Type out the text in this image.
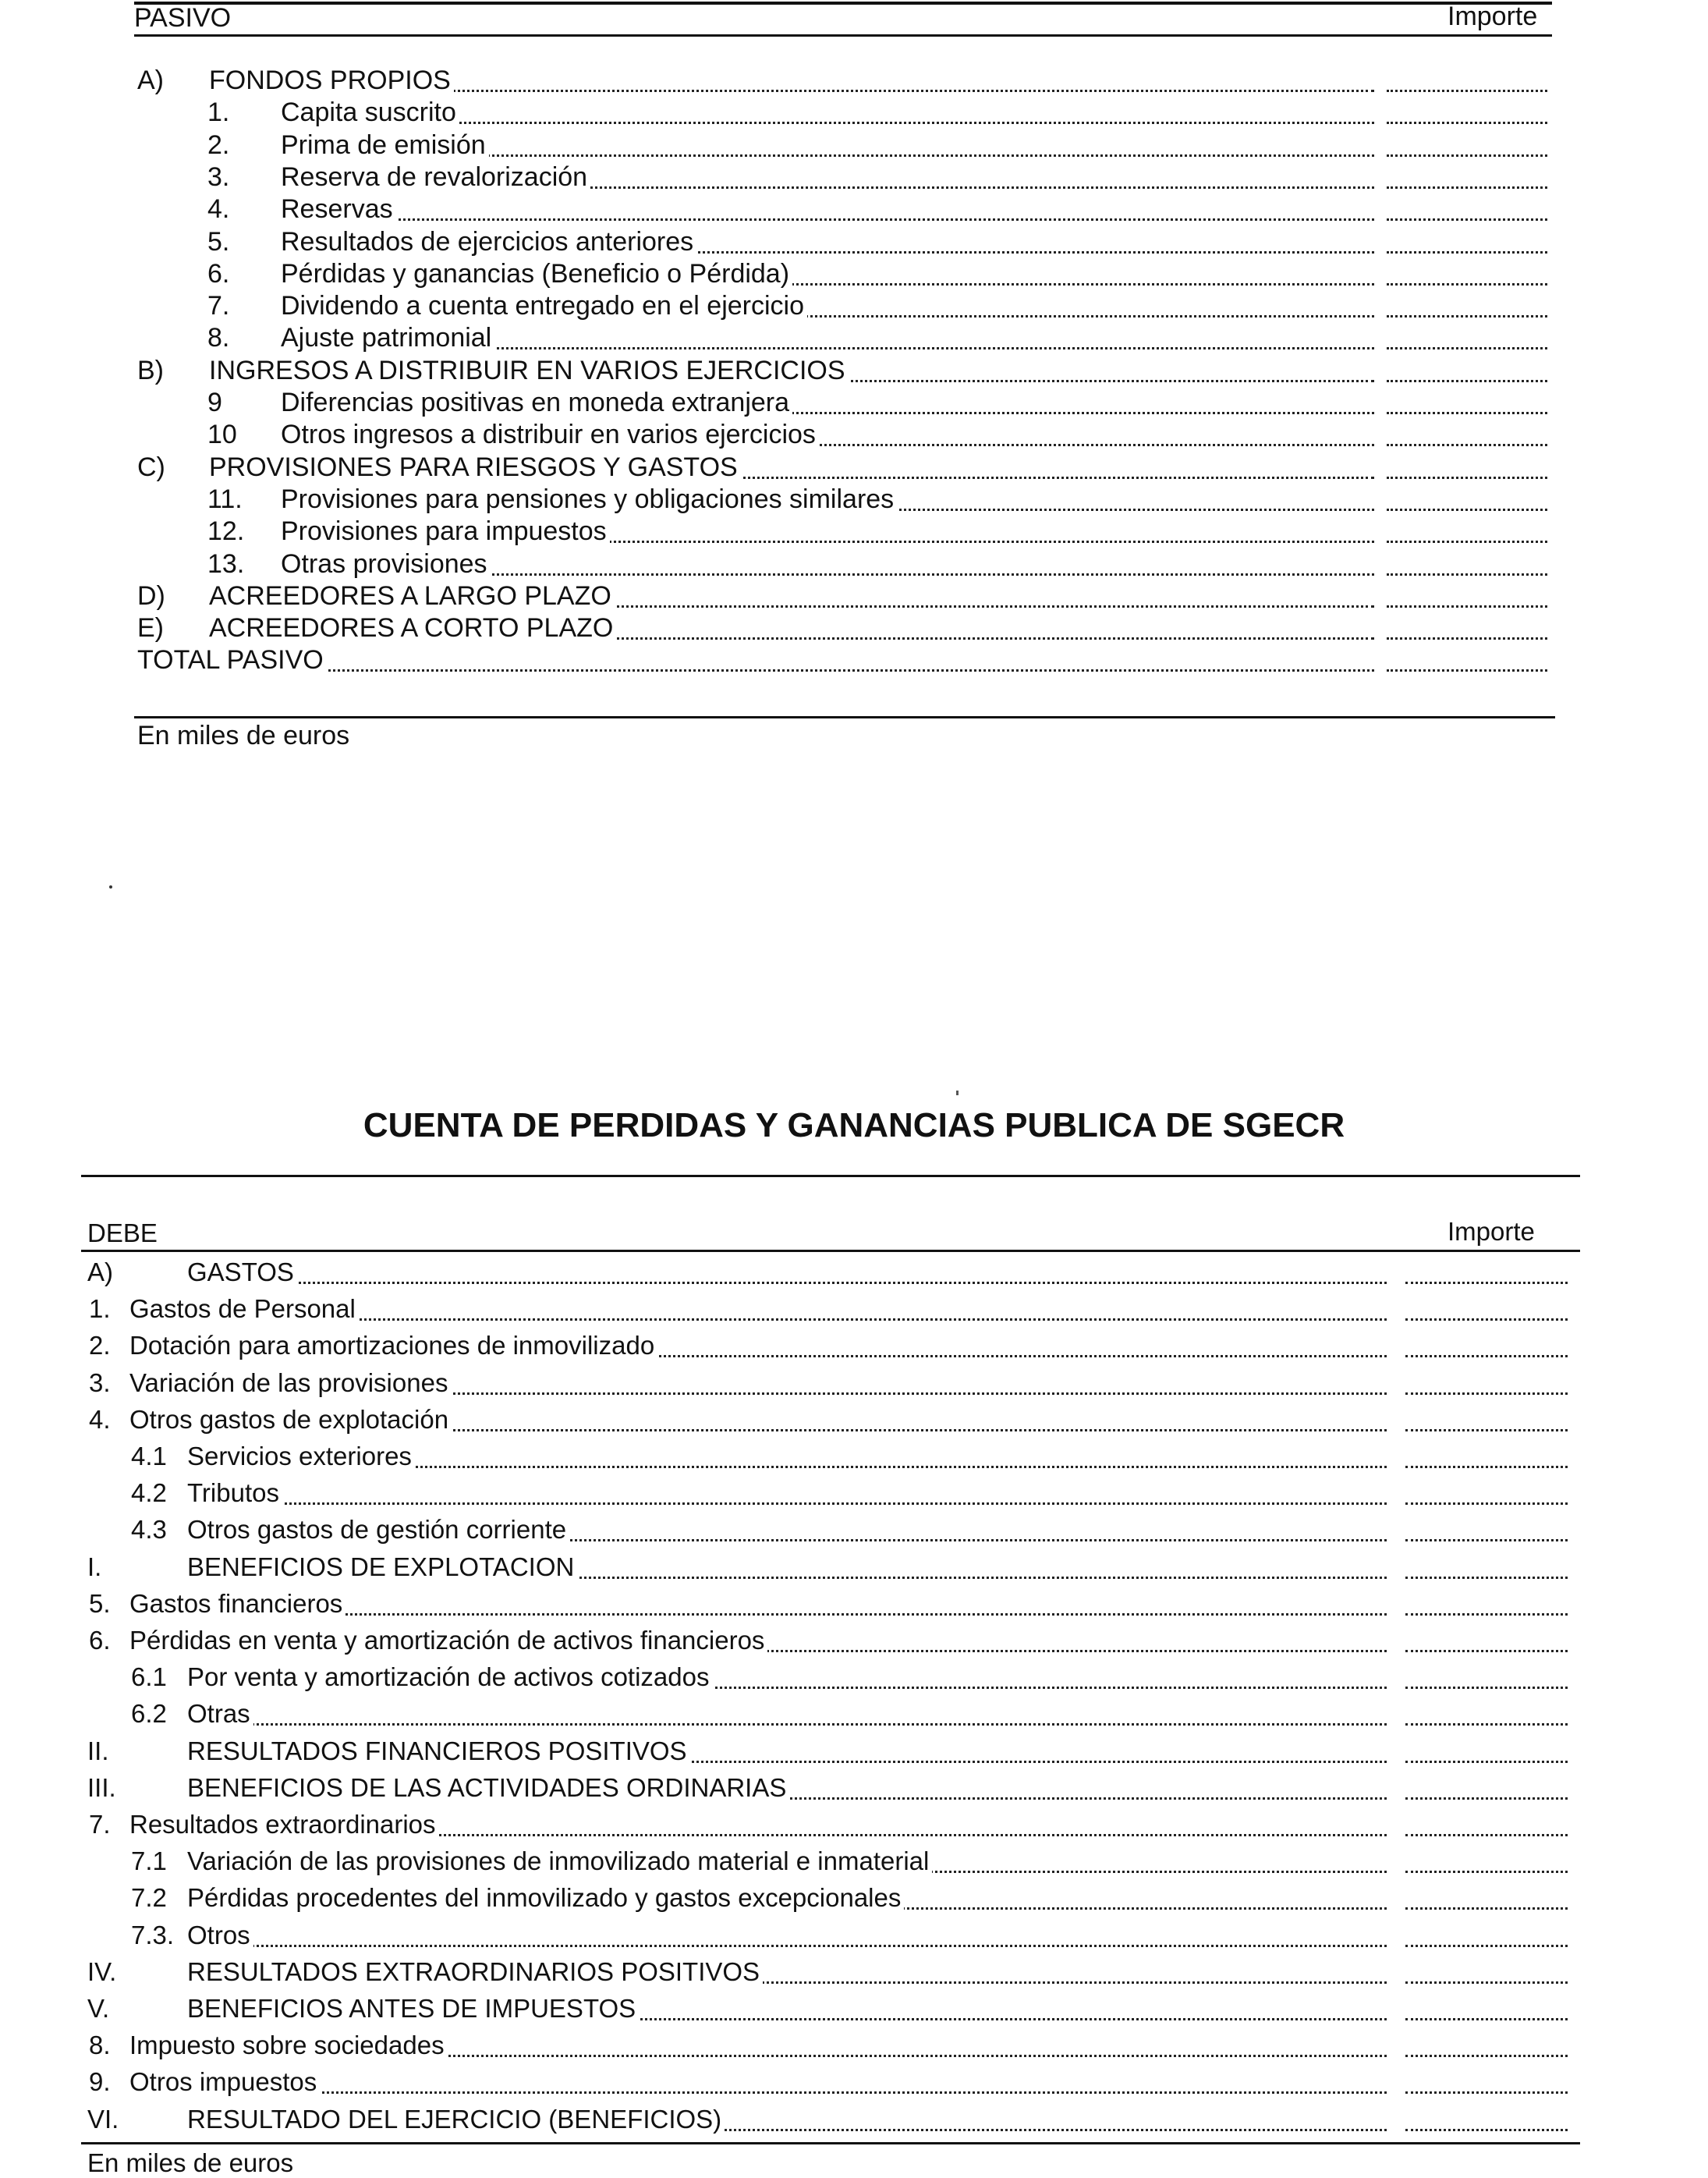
PASIVO	Importe
A) FONDOS PROPIOS
1. Capita suscrito
2. Prima de emisión
3. Reserva de revalorización
4. Reservas
5. Resultados de ejercicios anteriores
6. Pérdidas y ganancias (Beneficio o Pérdida)
7. Dividendo a cuenta entregado en el ejercicio
8. Ajuste patrimonial
B) INGRESOS A DISTRIBUIR EN VARIOS EJERCICIOS
9 Diferencias positivas en moneda extranjera
10 Otros ingresos a distribuir en varios ejercicios
C) PROVISIONES PARA RIESGOS Y GASTOS
11. Provisiones para pensiones y obligaciones similares
12. Provisiones para impuestos
13. Otras provisiones
D) ACREEDORES A LARGO PLAZO
E) ACREEDORES A CORTO PLAZO
TOTAL PASIVO
En miles de euros
CUENTA DE PERDIDAS Y GANANCIAS PUBLICA DE SGECR
DEBE	Importe
A)	GASTOS
1. Gastos de Personal
2. Dotación para amortizaciones de inmovilizado
3. Variación de las provisiones
4. Otros gastos de explotación
4.1 Servicios exteriores
4.2 Tributos
4.3 Otros gastos de gestión corriente
I.	BENEFICIOS DE EXPLOTACION
5. Gastos financieros
6. Pérdidas en venta y amortización de activos financieros
6.1 Por venta y amortización de activos cotizados
6.2 Otras
II.	RESULTADOS FINANCIEROS POSITIVOS
III.	BENEFICIOS DE LAS ACTIVIDADES ORDINARIAS
7. Resultados extraordinarios
7.1 Variación de las provisiones de inmovilizado material e inmaterial
7.2 Pérdidas procedentes del inmovilizado y gastos excepcionales
7.3. Otros
IV.	RESULTADOS EXTRAORDINARIOS POSITIVOS
V.	BENEFICIOS ANTES DE IMPUESTOS
8. Impuesto sobre sociedades
9. Otros impuestos
VI.	RESULTADO DEL EJERCICIO (BENEFICIOS)
En miles de euros
